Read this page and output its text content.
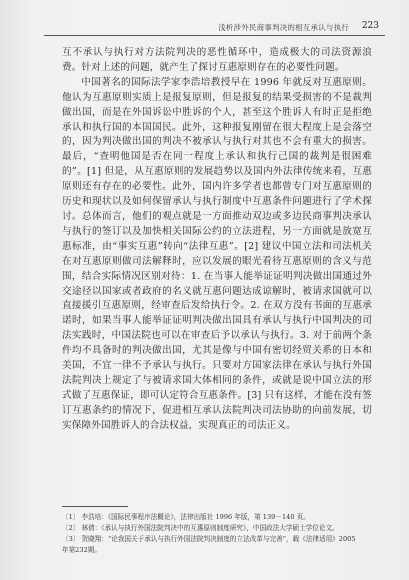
浅析涉外民商事判决的相互承认与执行 223

互不承认与执行对方法院判决的恶性循环中，造成极大的司法资源浪费。针对上述的问题，就产生了探讨互惠原则存在的必要性问题。

中国著名的国际法学家李浩培教授早在 1996 年就反对互惠原则。他认为互惠原则实质上是报复原则，但是报复的结果受损害的不是裁判做出国，而是在外国诉讼中胜诉的个人，甚至这个胜诉人有时正是拒绝承认和执行国的本国国民。此外，这种报复刚留在很大程度上是会落空的，因为判决做出国的判决不被承认与执行对其也不会有重大的损害。最后，“查明他国是否在同一程度上承认和执行己国的裁判是很困难的”。[1] 但是，从互惠原则的发展趋势以及国内外法律传统来看，互惠原则还有存在的必要性。此外，国内许多学者也都曾专门对互惠原则的历史和现状以及如何保留承认与执行制度中互惠条件问题进行了学术探讨。总体而言，他们的观点就是一方面推动双边或多边民商事判决承认与执行的签订以及加快相关国际公约的立法进程，另一方面就是放宽互惠标准，由“事实互惠”转向“法律互惠”。[2] 建议中国立法和司法机关在对互惠原则做司法解释时，应以发展的眼光看待互惠原则的含义与范围，结合实际情况区别对待：1. 在当事人能举证证明判决做出国通过外交途径以国家或者政府的名义就互惠问题达成谅解时，被请求国就可以直接援引互惠原则，经审查后发给执行令。2. 在双方没有书面的互惠承诺时，如果当事人能举证证明判决做出国具有承认与执行中国判决的司法实践时，中国法院也可以在审查后予以承认与执行。3. 对于前两个条件均不具备时的判决做出国，尤其是像与中国有密切经贸关系的日本和美国，不宜一律不予承认与执行。只要对方国家法律在承认与执行外国法院判决上规定了与被请求国大体相同的条件，或就是说中国立法的形式做了互惠保证，即可认定符合互惠条件。[3] 只有这样，才能在没有签订互惠条约的情况下，促进相互承认法院判决司法协助的向前发展，切实保障外国胜诉人的合法权益，实现真正的司法正义。

〔1〕 李浩培：《国际民事程序法概论》，法律出版社 1996 年版，第 139－140 页。

〔2〕 林倩：《承认与执行外国法院判决中的互惠原则制度研究》，中国政法大学硕士学位论文。

〔3〕 贺晓翔：“论我国关于承认与执行外国法院判决制度的立法改革与完善”，载《法律适用》2005 年第232期。
